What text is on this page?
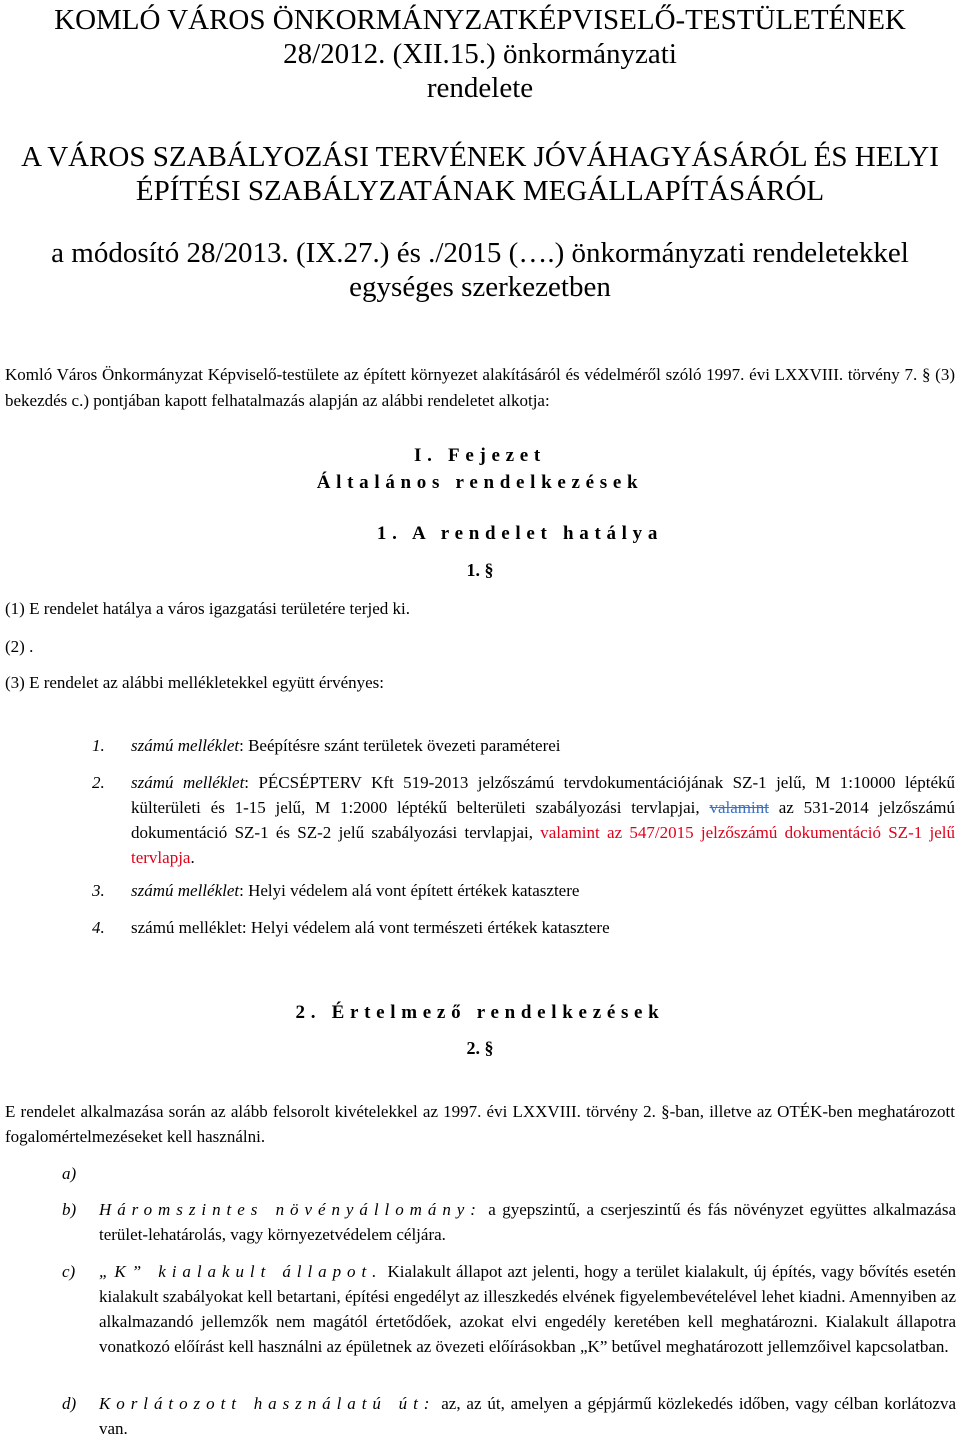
KOMLÓ VÁROS ÖNKORMÁNYZATKÉPVISELŐ-TESTÜLETÉNEK
28/2012. (XII.15.) önkormányzati
rendelete
A VÁROS SZABÁLYOZÁSI TERVÉNEK JÓVÁHAGYÁSÁRÓL ÉS HELYI
ÉPÍTÉSI SZABÁLYZATÁNAK MEGÁLLAPÍTÁSÁRÓL
a módosító 28/2013. (IX.27.) és ./2015 (….) önkormányzati rendeletekkel
egységes szerkezetben
Komló Város Önkormányzat Képviselő-testülete az épített környezet alakításáról és védelméről szóló 1997. évi LXXVIII. törvény 7. § (3) bekezdés c.) pontjában kapott felhatalmazás alapján az alábbi rendeletet alkotja:
I. Fejezet
Általános rendelkezések
1. A rendelet hatálya
1. §
(1) E rendelet hatálya a város igazgatási területére terjed ki.
(2) .
(3) E rendelet az alábbi mellékletekkel együtt érvényes:
1. számú melléklet: Beépítésre szánt területek övezeti paraméterei
2. számú melléklet: PÉCSÉPTERV Kft 519-2013 jelzőszámú tervdokumentációjának SZ-1 jelű, M 1:10000 léptékű külterületi és 1-15 jelű, M 1:2000 léptékű belterületi szabályozási tervlapjai, valamint az 531-2014 jelzőszámú dokumentáció SZ-1 és SZ-2 jelű szabályozási tervlapjai, valamint az 547/2015 jelzőszámú dokumentáció SZ-1 jelű tervlapja.
3. számú melléklet: Helyi védelem alá vont épített értékek katasztere
4. számú melléklet: Helyi védelem alá vont természeti értékek katasztere
2. Értelmező rendelkezések
2. §
E rendelet alkalmazása során az alább felsorolt kivételekkel az 1997. évi LXXVIII. törvény 2. §-ban, illetve az OTÉK-ben meghatározott fogalomértelmezéseket kell használni.
a)
b) Háromszintes növényállomány: a gyepszintű, a cserjeszintű és fás növényzet együttes alkalmazása terület-lehatárolás, vagy környezetvédelem céljára.
c) „K” kialakult állapot. Kialakult állapot azt jelenti, hogy a terület kialakult, új építés, vagy bővítés esetén kialakult szabályokat kell betartani, építési engedélyt az illeszkedés elvének figyelembevételével lehet kiadni. Amennyiben az alkalmazandó jellemzők nem magától értetődőek, azokat elvi engedély keretében kell meghatározni. Kialakult állapotra vonatkozó előírást kell használni az épületnek az övezeti előírásokban „K” betűvel meghatározott jellemzőivel kapcsolatban.
d) Korlátozott használatú út: az, az út, amelyen a gépjármű közlekedés időben, vagy célban korlátozva van.
